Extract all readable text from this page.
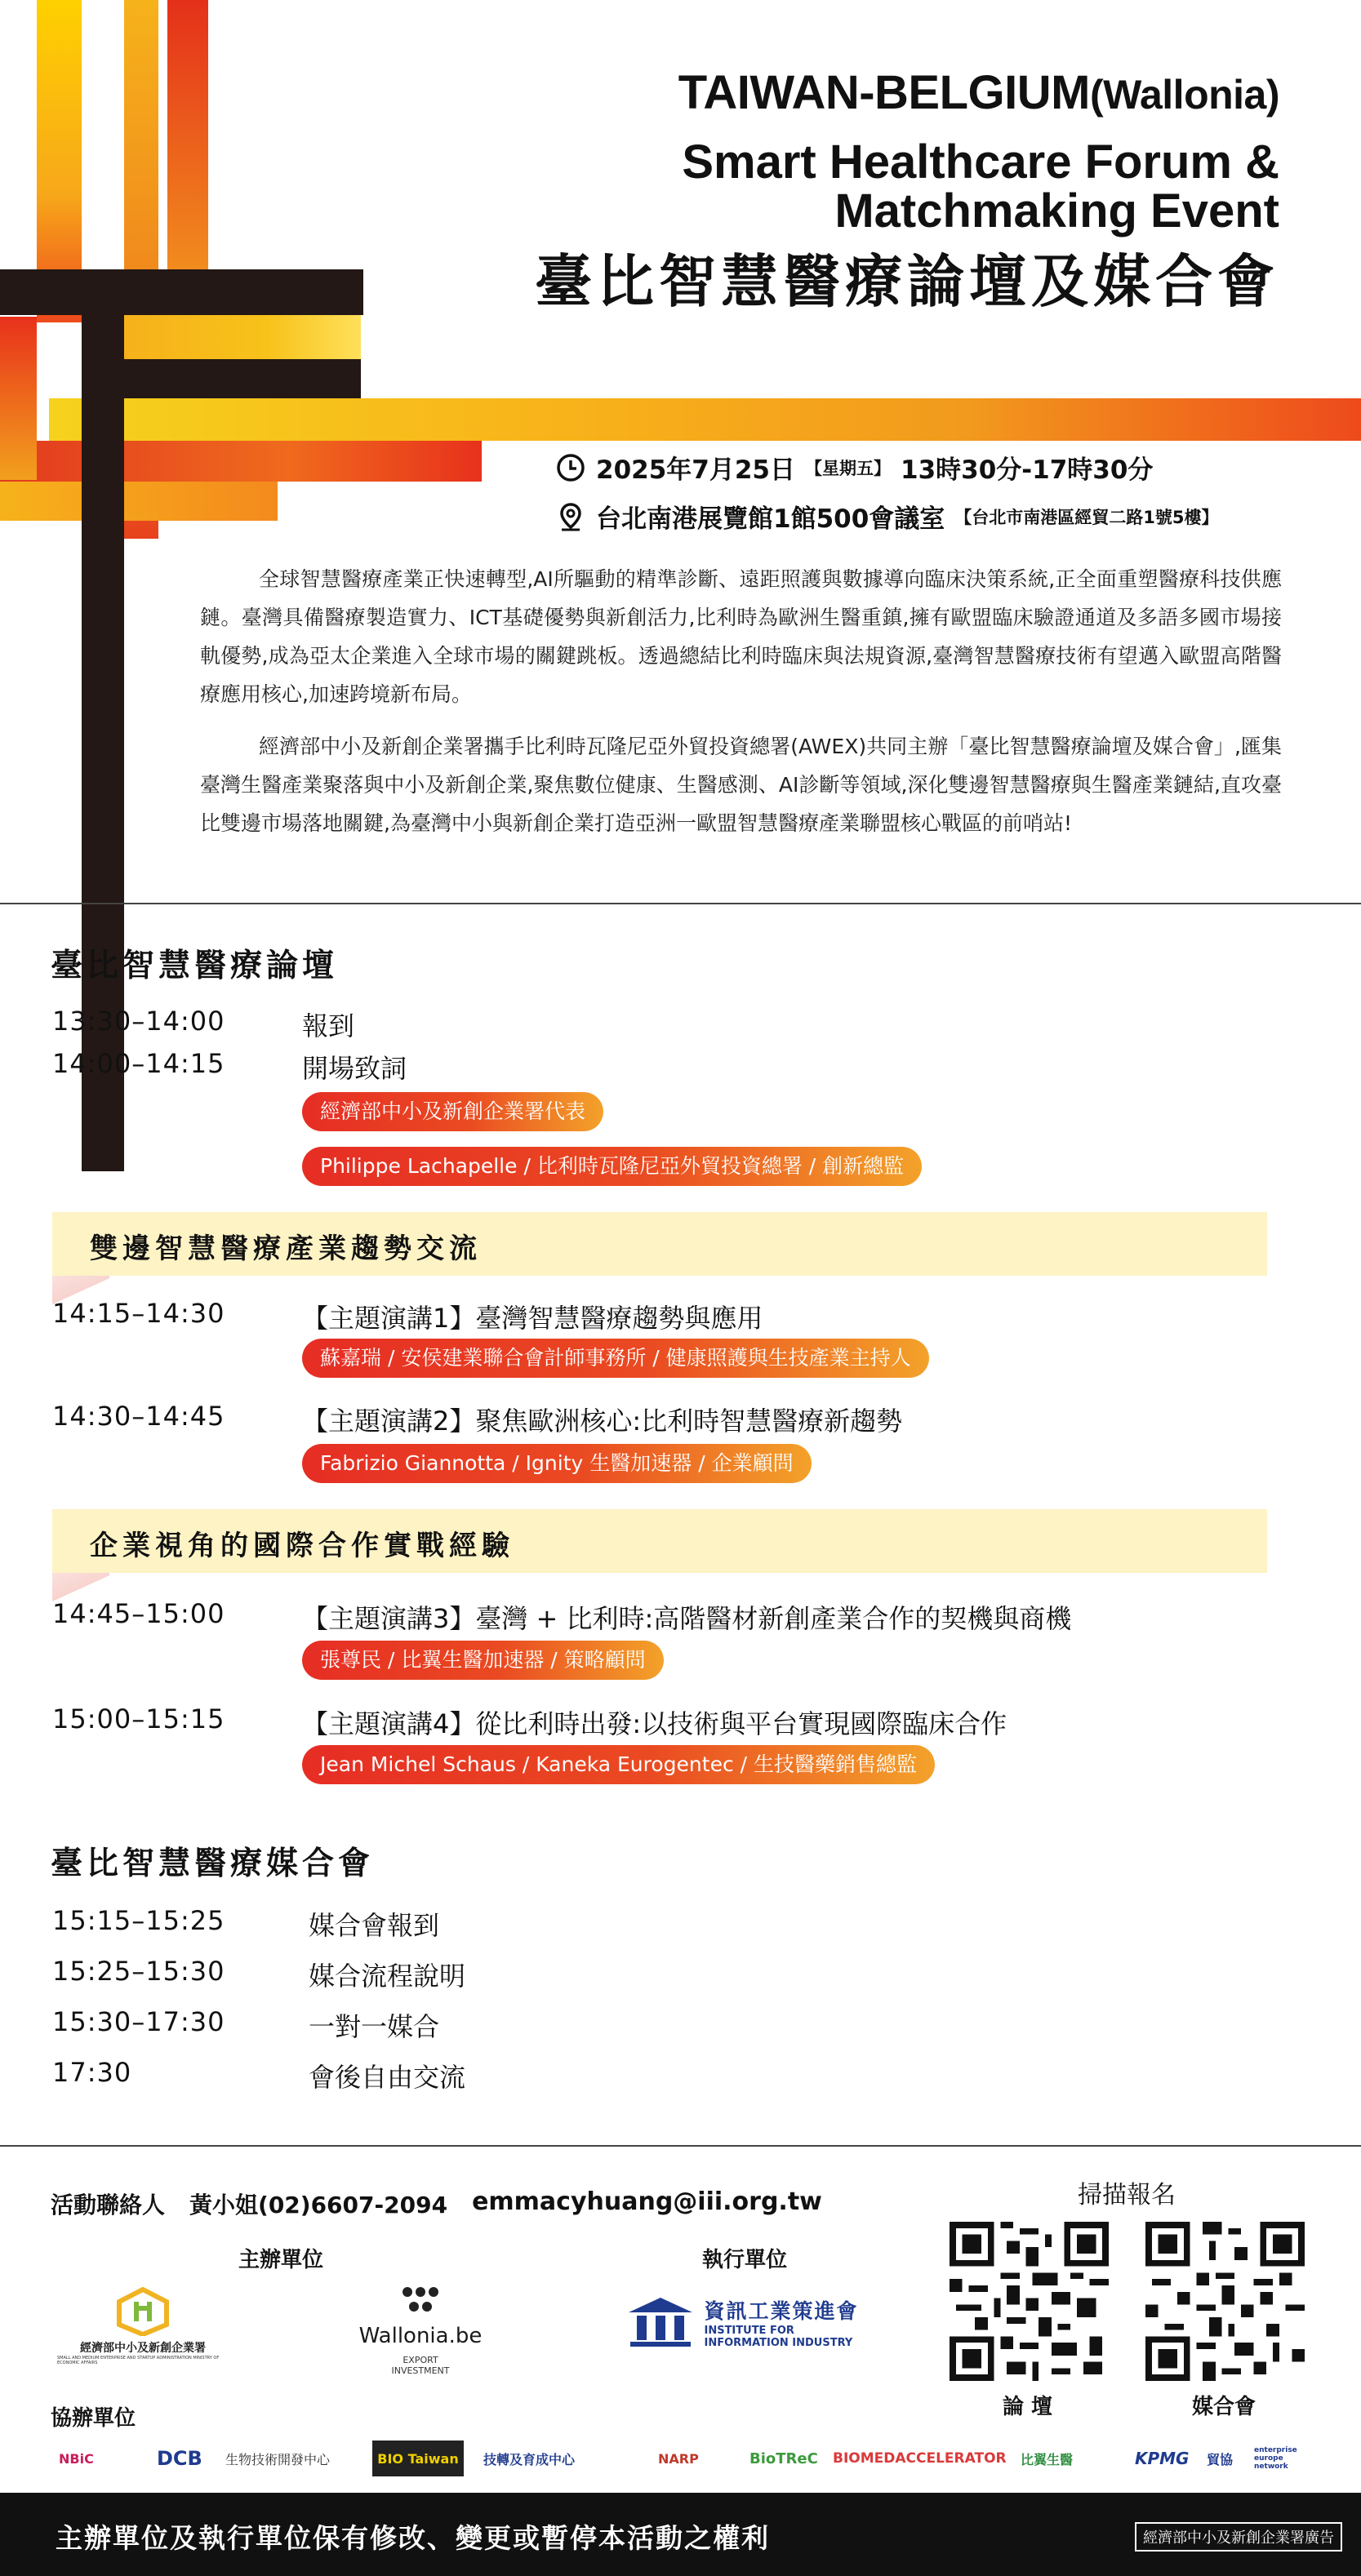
TAIWAN-BELGIUM(Wallonia)
Smart Healthcare Forum &
Matchmaking Event
臺比智慧醫療論壇及媒合會
2025年7月25日 【星期五】 13時30分-17時30分
台北南港展覽館1館500會議室 【台北市南港區經貿二路1號5樓】

全球智慧醫療產業正快速轉型,AI所驅動的精準診斷、遠距照護與數據導向臨床決策系統,正全面重塑醫療科技供應鏈。臺灣具備醫療製造實力、ICT基礎優勢與新創活力,比利時為歐洲生醫重鎮,擁有歐盟臨床驗證通道及多語多國市場接軌優勢,成為亞太企業進入全球市場的關鍵跳板。透過總結比利時臨床與法規資源,臺灣智慧醫療技術有望邁入歐盟高階醫療應用核心,加速跨境新布局。

經濟部中小及新創企業署攜手比利時瓦隆尼亞外貿投資總署(AWEX)共同主辦「臺比智慧醫療論壇及媒合會」,匯集臺灣生醫產業聚落與中小及新創企業,聚焦數位健康、生醫感測、AI診斷等領域,深化雙邊智慧醫療與生醫產業鏈結,直攻臺比雙邊市場落地關鍵,為臺灣中小與新創企業打造亞洲一歐盟智慧醫療產業聯盟核心戰區的前哨站!

臺比智慧醫療論壇
13:30–14:00	報到
14:00–14:15	開場致詞
經濟部中小及新創企業署代表
Philippe Lachapelle / 比利時瓦隆尼亞外貿投資總署 / 創新總監
雙邊智慧醫療產業趨勢交流
14:15–14:30	【主題演講1】臺灣智慧醫療趨勢與應用
蘇嘉瑞 / 安侯建業聯合會計師事務所 / 健康照護與生技產業主持人
14:30–14:45	【主題演講2】聚焦歐洲核心:比利時智慧醫療新趨勢
Fabrizio Giannotta / Ignity 生醫加速器 / 企業顧問
企業視角的國際合作實戰經驗
14:45–15:00	【主題演講3】臺灣 + 比利時:高階醫材新創產業合作的契機與商機
張尊民 / 比翼生醫加速器 / 策略顧問
15:00–15:15	【主題演講4】從比利時出發:以技術與平台實現國際臨床合作
Jean Michel Schaus / Kaneka Eurogentec / 生技醫藥銷售總監
臺比智慧醫療媒合會
15:15–15:25	媒合會報到
15:25–15:30	媒合流程說明
15:30–17:30	一對一媒合
17:30	會後自由交流
活動聯絡人 黃小姐(02)6607-2094 emmacyhuang@iii.org.tw
主辦單位	執行單位
掃描報名
經濟部中小及新創企業署
SMALL AND MEDIUM ENTERPRISE AND STARTUP ADMINISTRATION MINISTRY OF ECONOMIC AFFAIRS
Wallonia.be
EXPORT INVESTMENT
資訊工業策進會
INSTITUTE FOR
INFORMATION INDUSTRY
論 壇	媒合會
協辦單位
NBiC	DCB 生物技術開發中心	BIO Taiwan	技轉及育成中心	NARP	BioTReC BIOMEDACCELERATOR 比翼生醫	KPMG 貿協
enterprise europe network
主辦單位及執行單位保有修改、變更或暫停本活動之權利	經濟部中小及新創企業署廣告
